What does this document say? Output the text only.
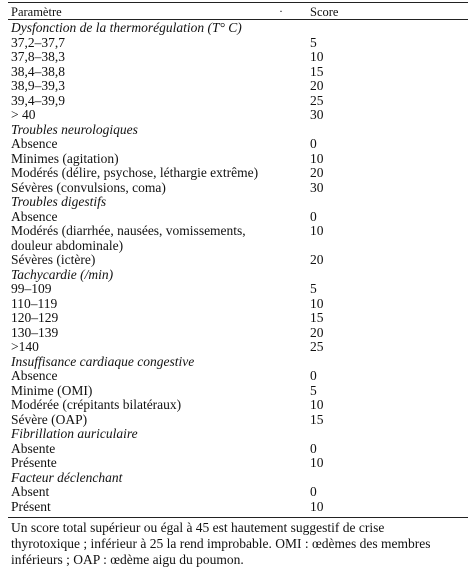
Paramètre	· Score
Dysfonction de la thermorégulation (T° C)
37,2–37,7	5
37,8–38,3	10
38,4–38,8	15
38,9–39,3	20
39,4–39,9	25
> 40	30
Troubles neurologiques
Absence	0
Minimes (agitation)	10
Modérés (délire, psychose, léthargie extrême)	20
Sévères (convulsions, coma)	30
Troubles digestifs
Absence	0
Modérés (diarrhée, nausées, vomissements,	10
douleur abdominale)
Sévères (ictère)	20
Tachycardie (/min)
99–109	5
110–119	10
120–129	15
130–139	20
>140	25
Insuffisance cardiaque congestive
Absence	0
Minime (OMI)	5
Modérée (crépitants bilatéraux)	10
Sévère (OAP)	15
Fibrillation auriculaire
Absente	0
Présente	10
Facteur déclenchant
Absent	0
Présent	10
Un score total supérieur ou égal à 45 est hautement suggestif de crise
thyrotoxique ; inférieur à 25 la rend improbable. OMI : œdèmes des membres
inférieurs ; OAP : œdème aigu du poumon.
